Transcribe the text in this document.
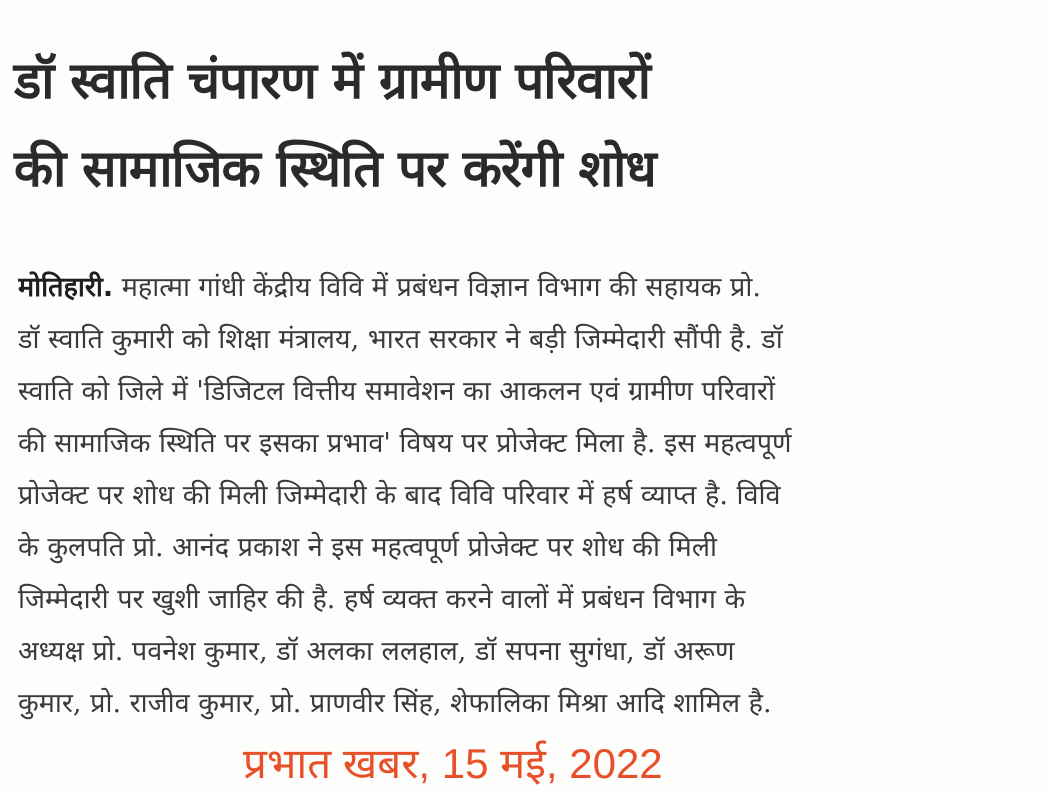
डॉ स्वाति चंपारण में ग्रामीण परिवारों
की सामाजिक स्थिति पर करेंगी शोध
मोतिहारी. महात्मा गांधी केंद्रीय विवि में प्रबंधन विज्ञान विभाग की सहायक प्रो.
डॉ स्वाति कुमारी को शिक्षा मंत्रालय, भारत सरकार ने बड़ी जिम्मेदारी सौंपी है. डॉ
स्वाति को जिले में 'डिजिटल वित्तीय समावेशन का आकलन एवं ग्रामीण परिवारों
की सामाजिक स्थिति पर इसका प्रभाव' विषय पर प्रोजेक्ट मिला है. इस महत्वपूर्ण
प्रोजेक्ट पर शोध की मिली जिम्मेदारी के बाद विवि परिवार में हर्ष व्याप्त है. विवि
के कुलपति प्रो. आनंद प्रकाश ने इस महत्वपूर्ण प्रोजेक्ट पर शोध की मिली
जिम्मेदारी पर खुशी जाहिर की है. हर्ष व्यक्त करने वालों में प्रबंधन विभाग के
अध्यक्ष प्रो. पवनेश कुमार, डॉ अलका ललहाल, डॉ सपना सुगंधा, डॉ अरूण
कुमार, प्रो. राजीव कुमार, प्रो. प्राणवीर सिंह, शेफालिका मिश्रा आदि शामिल है.
प्रभात खबर, 15 मई, 2022
